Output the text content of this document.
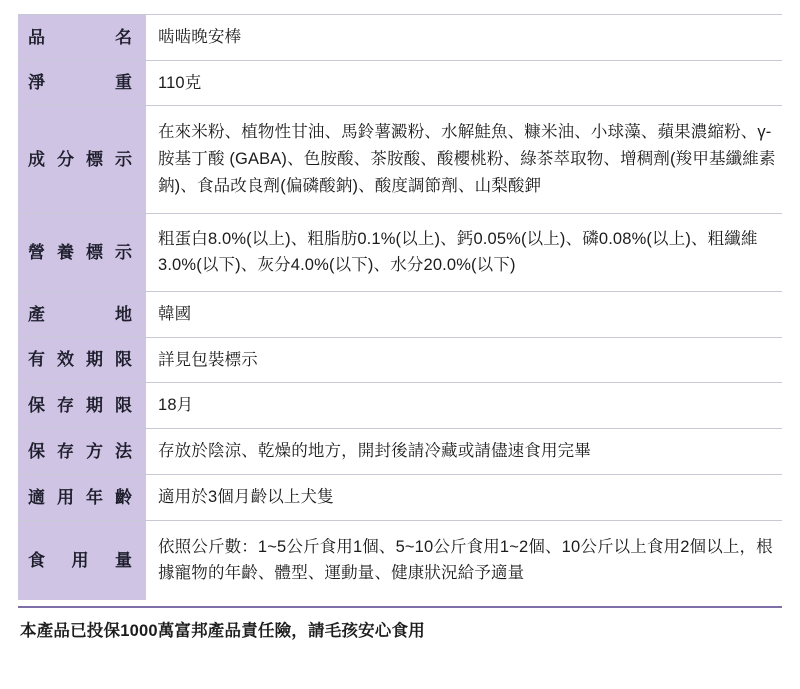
品　　名	啮啮晚安棒
淨　　重	110克
成分標示	在來米粉、植物性甘油、馬鈴薯澱粉、水解鮭魚、糠米油、小球藻、蘋果濃縮粉、γ-胺基丁酸 (GABA)、色胺酸、茶胺酸、酸櫻桃粉、綠茶萃取物、增稠劑(羧甲基纖維素鈉)、食品改良劑(偏磷酸鈉)、酸度調節劑、山梨酸鉀
營養標示	粗蛋白8.0%(以上)、粗脂肪0.1%(以上)、鈣0.05%(以上)、磷0.08%(以上)、粗纖維3.0%(以下)、灰分4.0%(以下)、水分20.0%(以下)
產　　地	韓國
有效期限	詳見包裝標示
保存期限	18月
保存方法	存放於陰涼、乾燥的地方，開封後請冷藏或請儘速食用完畢
適用年齡	適用於3個月齡以上犬隻
食　用　量	依照公斤數：1~5公斤食用1個、5~10公斤食用1~2個、10公斤以上食用2個以上，根據寵物的年齡、體型、運動量、健康狀況給予適量
本產品已投保1000萬富邦產品責任險，請毛孩安心食用
